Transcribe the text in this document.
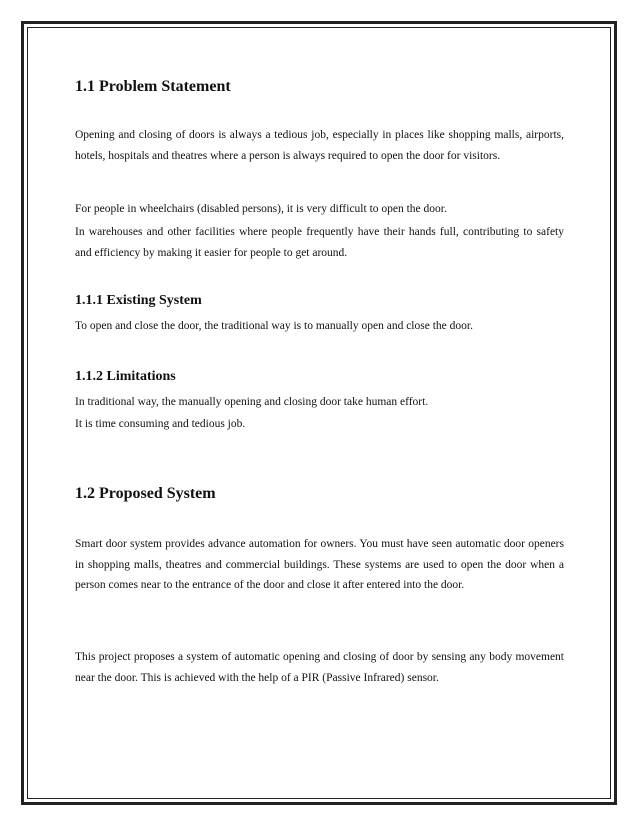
1.1 Problem Statement

Opening and closing of doors is always a tedious job, especially in places like shopping malls, airports, hotels, hospitals and theatres where a person is always required to open the door for visitors.

For people in wheelchairs (disabled persons), it is very difficult to open the door.

In warehouses and other facilities where people frequently have their hands full, contributing to safety and efficiency by making it easier for people to get around.

1.1.1 Existing System

To open and close the door, the traditional way is to manually open and close the door.

1.1.2 Limitations

In traditional way, the manually opening and closing door take human effort.

It is time consuming and tedious job.

1.2 Proposed System

Smart door system provides advance automation for owners. You must have seen automatic door openers in shopping malls, theatres and commercial buildings. These systems are used to open the door when a person comes near to the entrance of the door and close it after entered into the door.

This project proposes a system of automatic opening and closing of door by sensing any body movement near the door. This is achieved with the help of a PIR (Passive Infrared) sensor.
